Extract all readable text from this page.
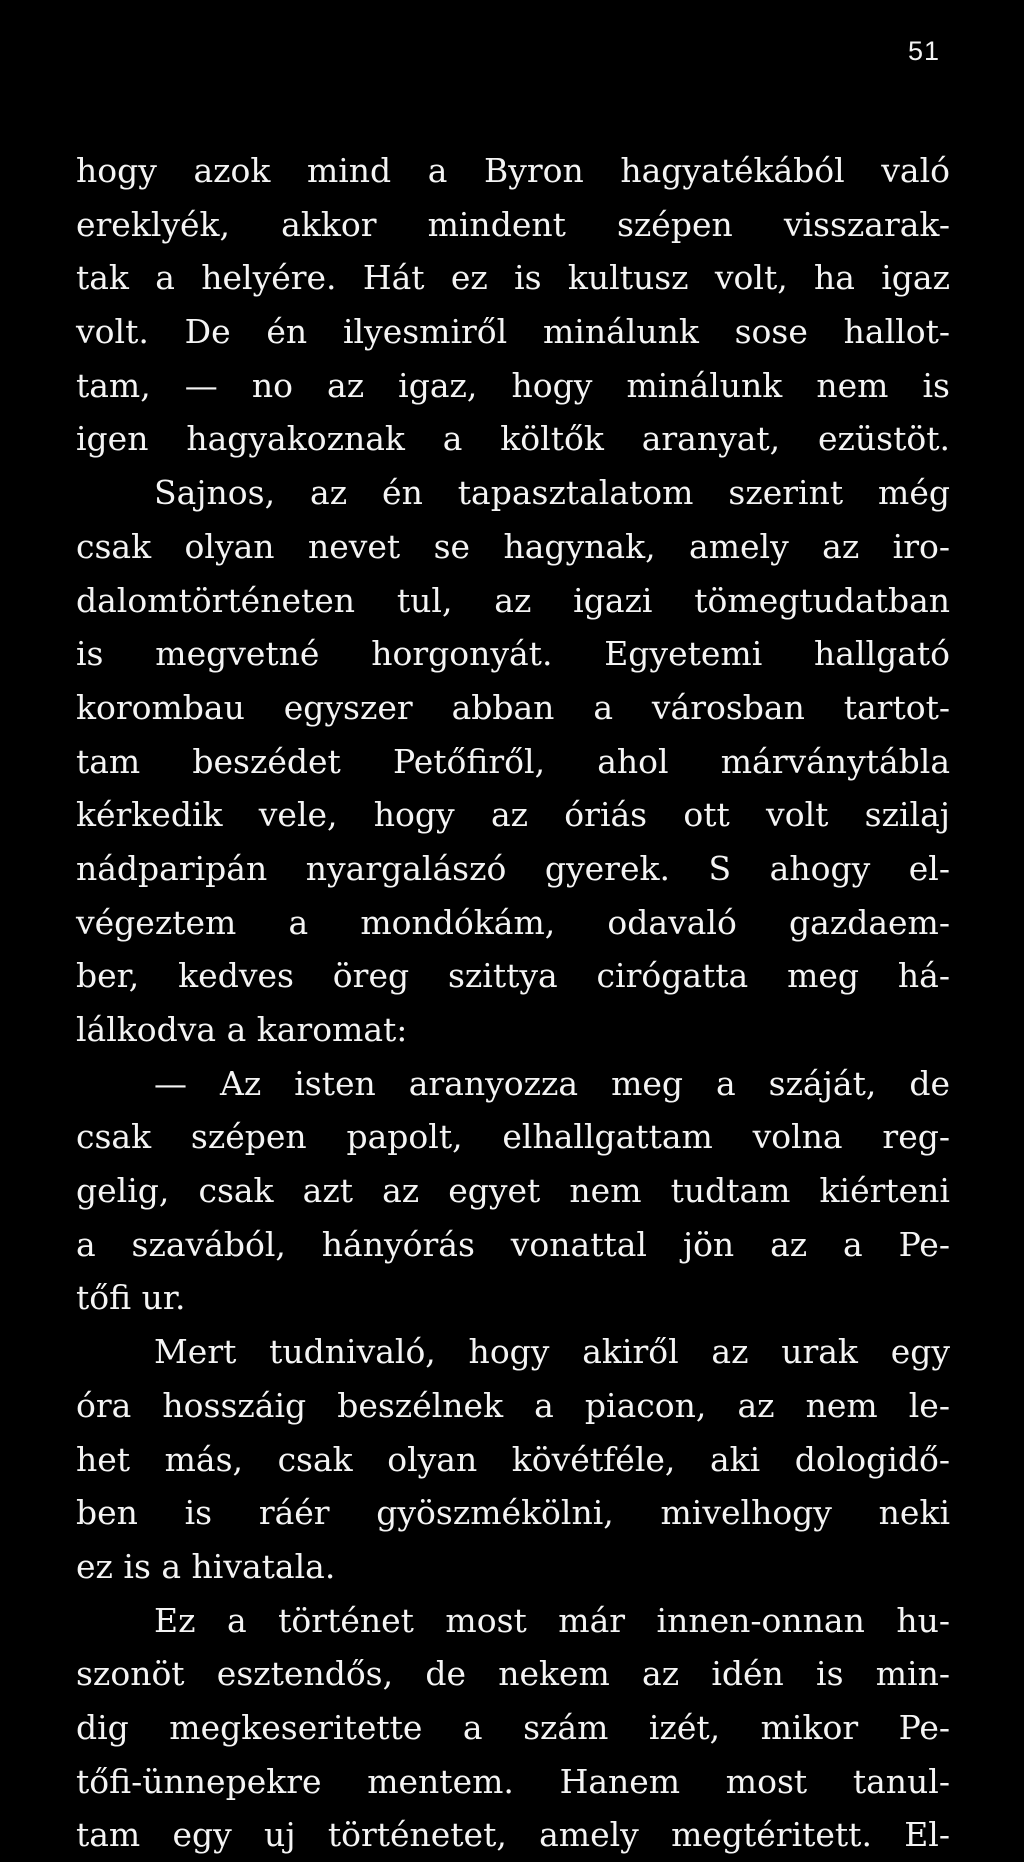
51
hogy azok mind a Byron hagyatékából való
ereklyék, akkor mindent szépen visszarak-
tak a helyére. Hát ez is kultusz volt, ha igaz
volt. De én ilyesmiről minálunk sose hallot-
tam, — no az igaz, hogy minálunk nem is
igen hagyakoznak a költők aranyat, ezüstöt.
Sajnos, az én tapasztalatom szerint még
csak olyan nevet se hagynak, amely az iro-
dalomtörténeten tul, az igazi tömegtudatban
is megvetné horgonyát. Egyetemi hallgató
korombau egyszer abban a városban tartot-
tam beszédet Petőfiről, ahol márványtábla
kérkedik vele, hogy az óriás ott volt szilaj
nádparipán nyargalászó gyerek. S ahogy el-
végeztem a mondókám, odavaló gazdaem-
ber, kedves öreg szittya cirógatta meg há-
lálkodva a karomat:
— Az isten aranyozza meg a száját, de
csak szépen papolt, elhallgattam volna reg-
gelig, csak azt az egyet nem tudtam kiérteni
a szavából, hányórás vonattal jön az a Pe-
tőfi ur.
Mert tudnivaló, hogy akiről az urak egy
óra hosszáig beszélnek a piacon, az nem le-
het más, csak olyan kövétféle, aki dologidő-
ben is ráér gyöszmékölni, mivelhogy neki
ez is a hivatala.
Ez a történet most már innen-onnan hu-
szonöt esztendős, de nekem az idén is min-
dig megkeseritette a szám izét, mikor Pe-
tőfi-ünnepekre mentem. Hanem most tanul-
tam egy uj történetet, amely megtéritett. El-
